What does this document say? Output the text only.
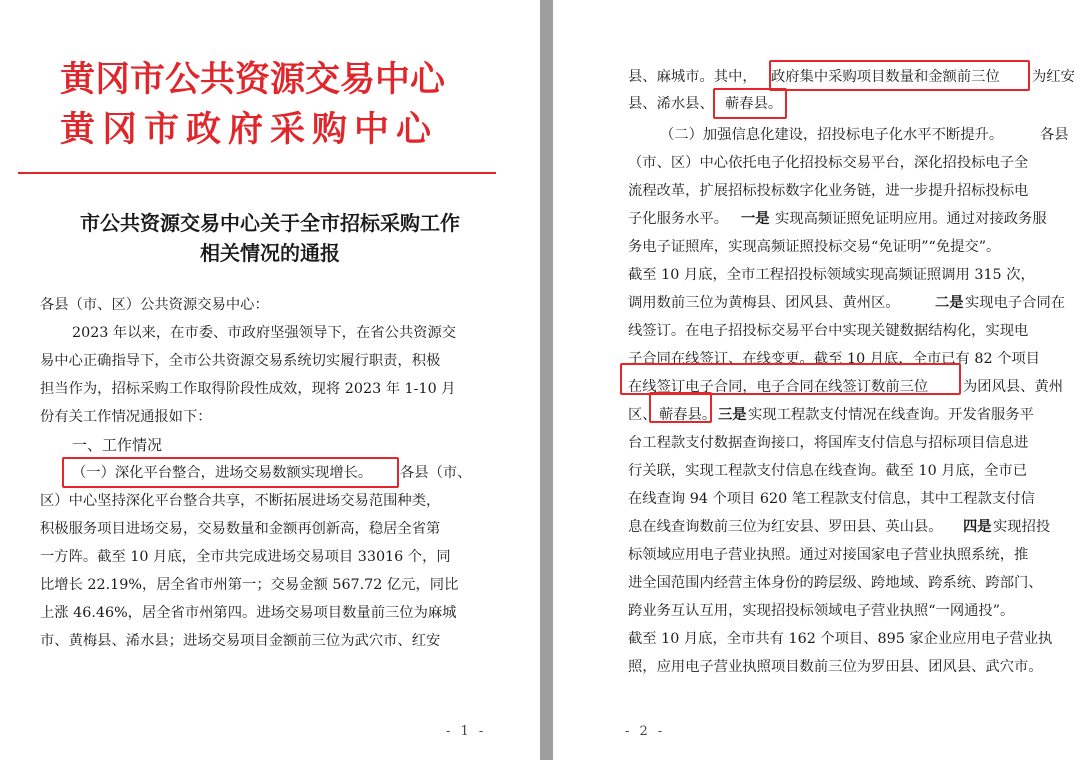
黄冈市公共资源交易中心
黄冈市政府采购中心
市公共资源交易中心关于全市招标采购工作
相关情况的通报
各县（市、区）公共资源交易中心：
2023 年以来，在市委、市政府坚强领导下，在省公共资源交
易中心正确指导下，全市公共资源交易系统切实履行职责，积极
担当作为，招标采购工作取得阶段性成效，现将 2023 年 1-10 月
份有关工作情况通报如下：
一、工作情况
（一）深化平台整合，进场交易数额实现增长。 各县（市、
区）中心坚持深化平台整合共享，不断拓展进场交易范围种类，
积极服务项目进场交易，交易数量和金额再创新高，稳居全省第
一方阵。截至 10 月底，全市共完成进场交易项目 33016 个，同
比增长 22.19%，居全省市州第一；交易金额 567.72 亿元，同比
上涨 46.46%，居全省市州第四。进场交易项目数量前三位为麻城
市、黄梅县、浠水县；进场交易项目金额前三位为武穴市、红安
- 1 -
县、麻城市。其中， 政府集中采购项目数量和金额前三位 为红安
县、浠水县、 蕲春县。
（二）加强信息化建设，招投标电子化水平不断提升。	各县
（市、区）中心依托电子化招投标交易平台，深化招投标电子全
流程改革，扩展招标投标数字化业务链，进一步提升招标投标电
子化服务水平。 一是 实现高频证照免证明应用。通过对接政务服
务电子证照库，实现高频证照投标交易“免证明”“免提交”。
截至 10 月底，全市工程招投标领域实现高频证照调用 315 次，
调用数前三位为黄梅县、团风县、黄州区。 二是 实现电子合同在
线签订。在电子招投标交易平台中实现关键数据结构化，实现电
子合同在线签订、在线变更。截至 10 月底，全市已有 82 个项目
在线签订电子合同，电子合同在线签订数前三位 为团风县、黄州
区、 蕲春县。 三是 实现工程款支付情况在线查询。开发省服务平
台工程款支付数据查询接口，将国库支付信息与招标项目信息进
行关联，实现工程款支付信息在线查询。截至 10 月底，全市已
在线查询 94 个项目 620 笔工程款支付信息，其中工程款支付信
息在线查询数前三位为红安县、罗田县、英山县。 四是 实现招投
标领域应用电子营业执照。通过对接国家电子营业执照系统，推
进全国范围内经营主体身份的跨层级、跨地域、跨系统、跨部门、
跨业务互认互用，实现招投标领域电子营业执照“一网通投”。
截至 10 月底，全市共有 162 个项目、895 家企业应用电子营业执
照，应用电子营业执照项目数前三位为罗田县、团风县、武穴市。
- 2 -
